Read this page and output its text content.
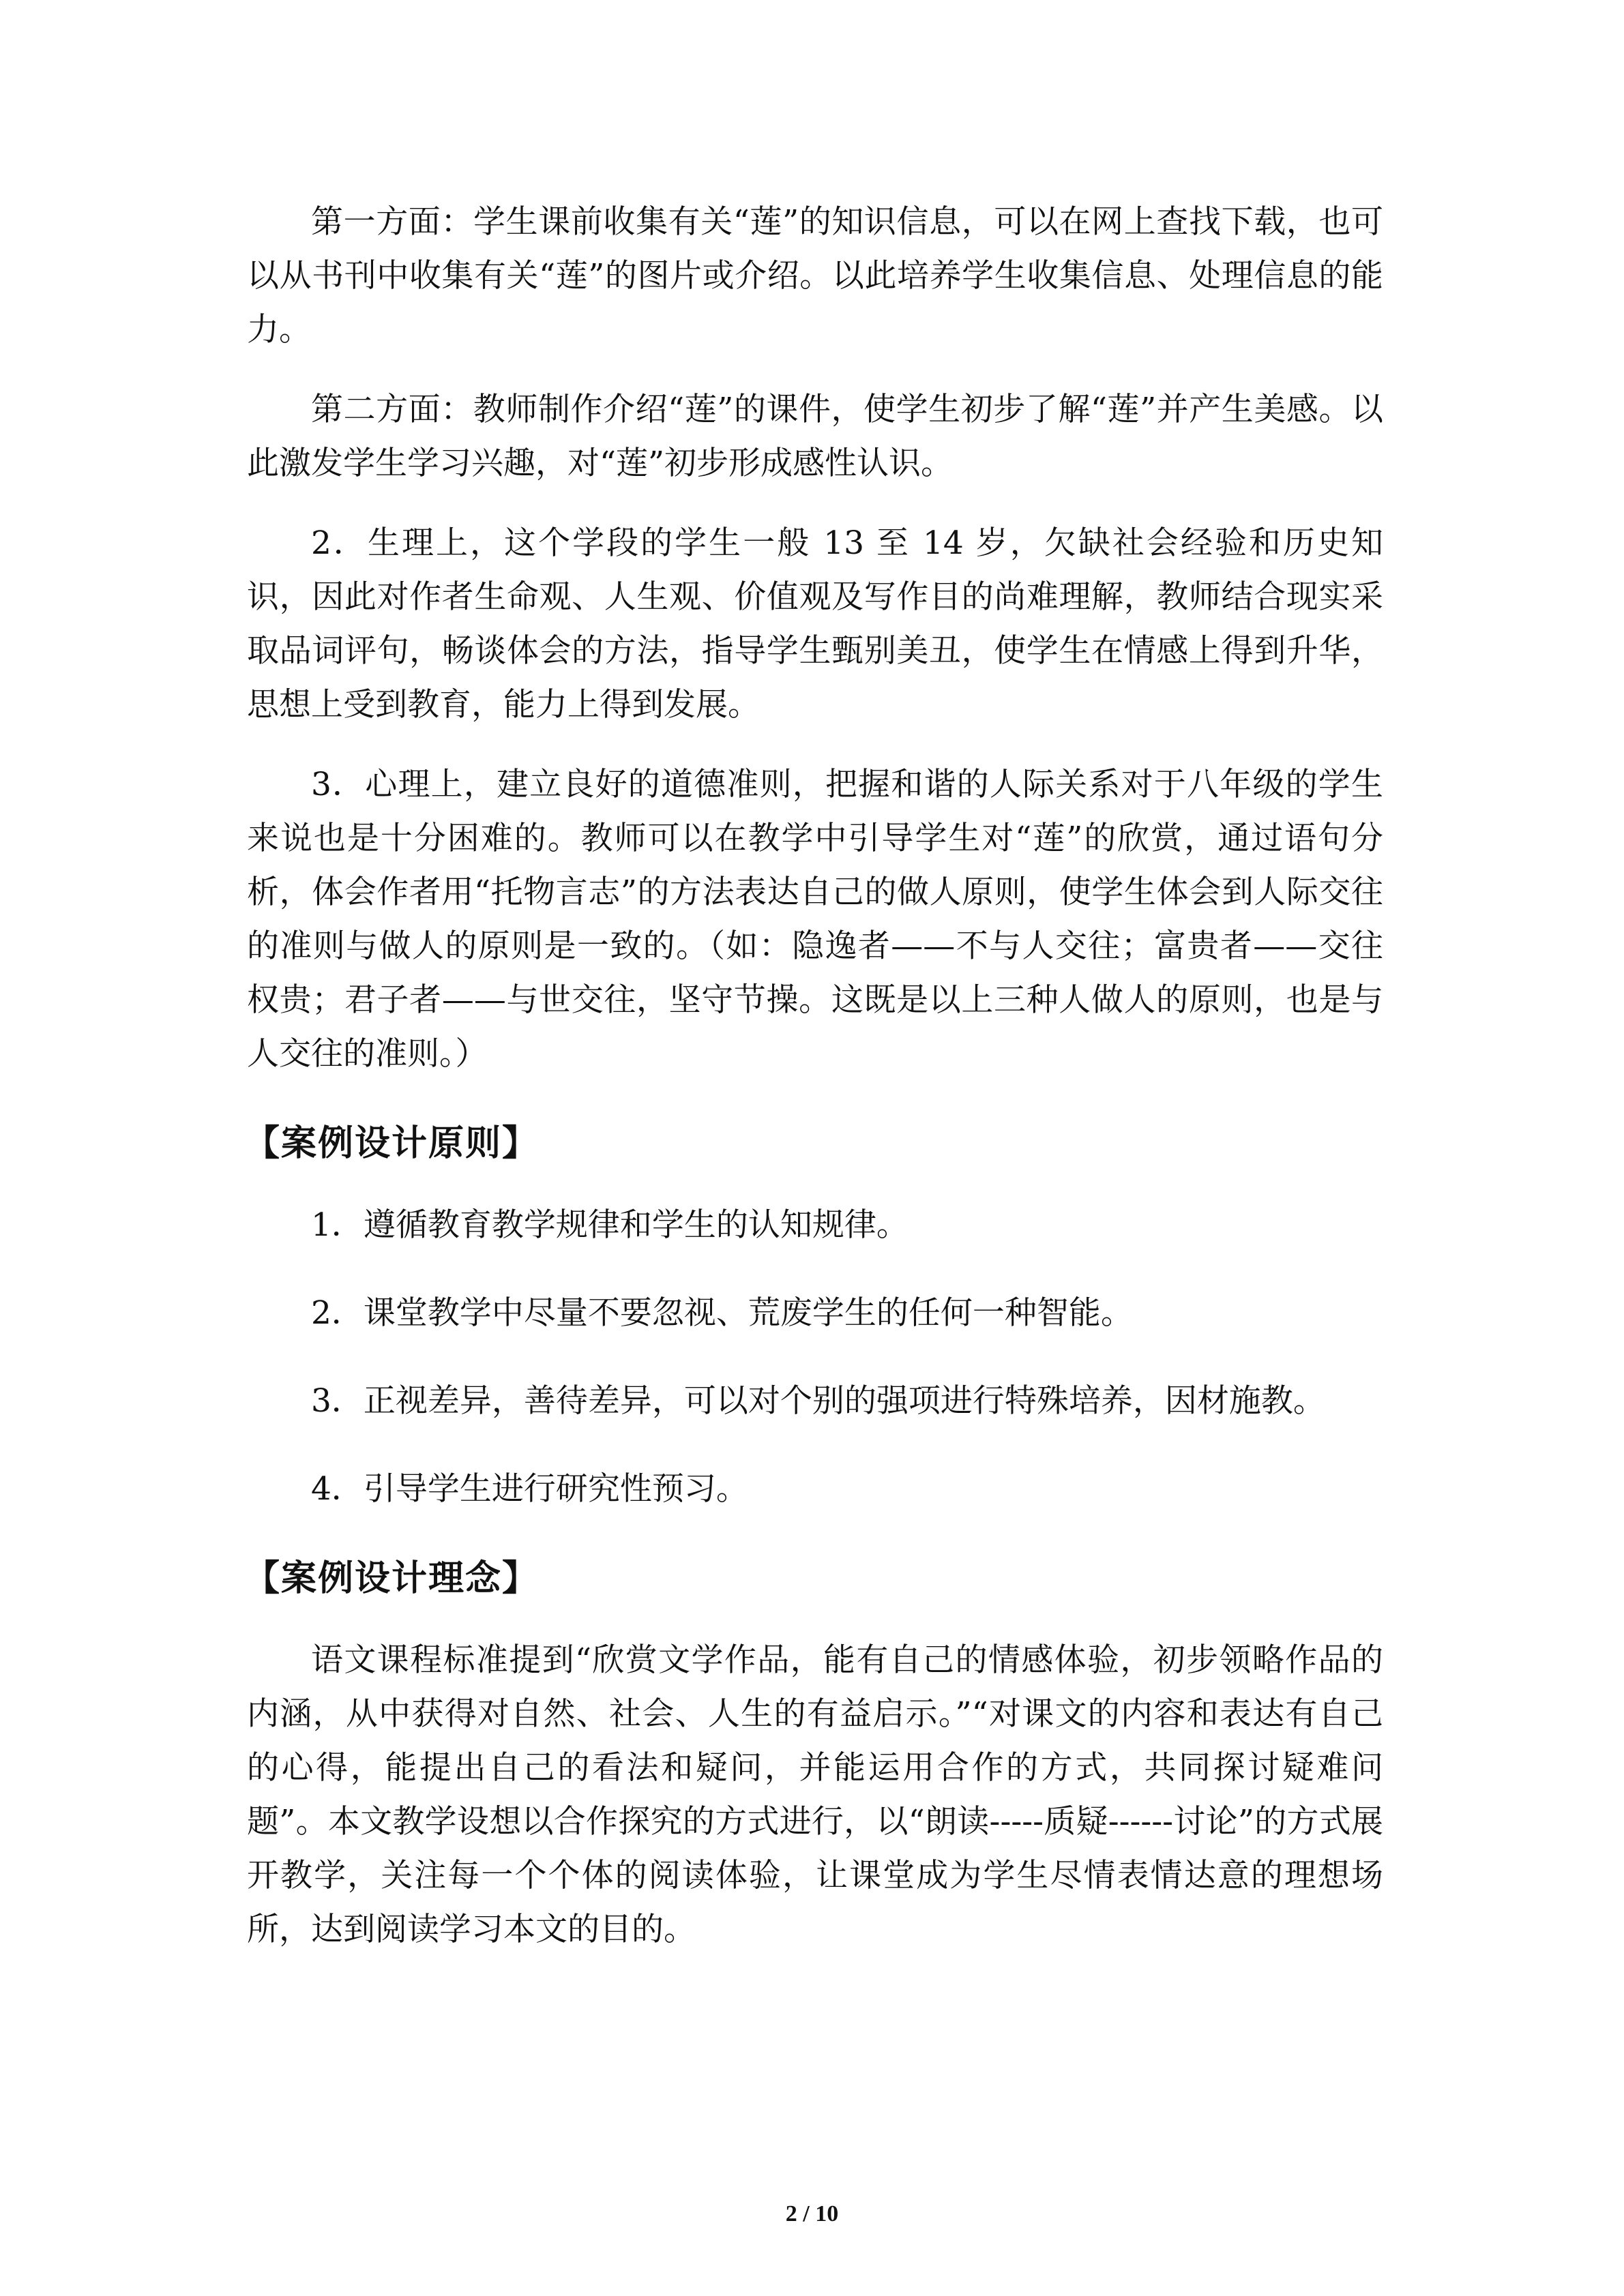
第一方面：学生课前收集有关“莲”的知识信息，可以在网上查找下载，也可以从书刊中收集有关“莲”的图片或介绍。以此培养学生收集信息、处理信息的能力。

第二方面：教师制作介绍“莲”的课件，使学生初步了解“莲”并产生美感。以此激发学生学习兴趣，对“莲”初步形成感性认识。

2．生理上，这个学段的学生一般 13 至 14 岁，欠缺社会经验和历史知识，因此对作者生命观、人生观、价值观及写作目的尚难理解，教师结合现实采取品词评句，畅谈体会的方法，指导学生甄别美丑，使学生在情感上得到升华，思想上受到教育，能力上得到发展。

3．心理上，建立良好的道德准则，把握和谐的人际关系对于八年级的学生来说也是十分困难的。教师可以在教学中引导学生对“莲”的欣赏，通过语句分析，体会作者用“托物言志”的方法表达自己的做人原则，使学生体会到人际交往的准则与做人的原则是一致的。（如：隐逸者——不与人交往；富贵者——交往权贵；君子者——与世交往，坚守节操。这既是以上三种人做人的原则，也是与人交往的准则。）

【案例设计原则】

1．遵循教育教学规律和学生的认知规律。

2．课堂教学中尽量不要忽视、荒废学生的任何一种智能。

3．正视差异，善待差异，可以对个别的强项进行特殊培养，因材施教。

4．引导学生进行研究性预习。

【案例设计理念】

语文课程标准提到“欣赏文学作品，能有自己的情感体验，初步领略作品的内涵，从中获得对自然、社会、人生的有益启示。”“对课文的内容和表达有自己的心得，能提出自己的看法和疑问，并能运用合作的方式，共同探讨疑难问题”。本文教学设想以合作探究的方式进行，以“朗读-----质疑------讨论”的方式展开教学，关注每一个个体的阅读体验，让课堂成为学生尽情表情达意的理想场所，达到阅读学习本文的目的。

2 / 10
